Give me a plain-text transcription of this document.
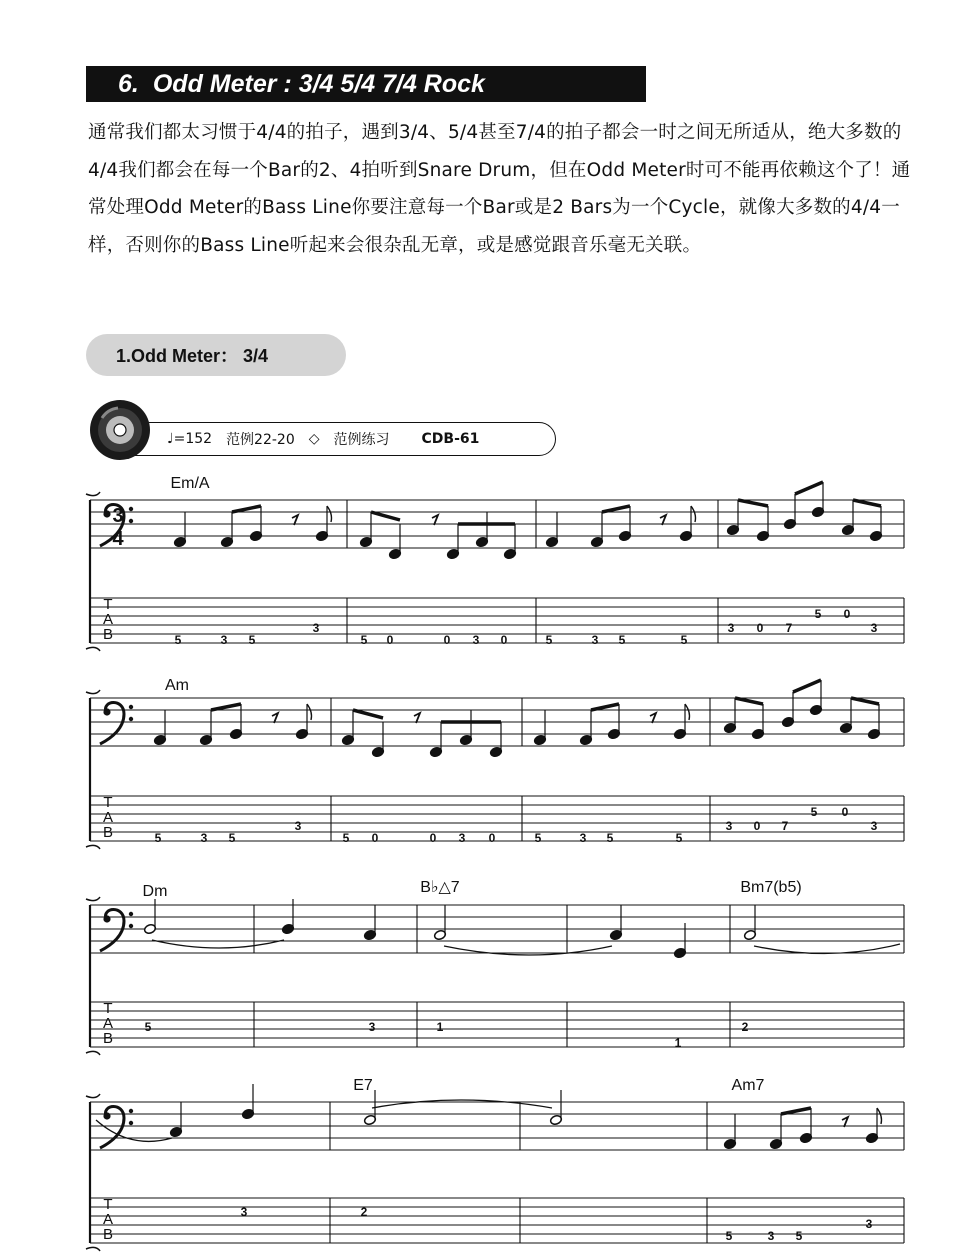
6. Odd Meter : 3/4 5/4 7/4 Rock
通常我们都太习惯于4/4的拍子，遇到3/4、5/4甚至7/4的拍子都会一时之间无所适从，绝大多数的4/4我们都会在每一个Bar的2、4拍听到Snare Drum，但在Odd Meter时可不能再依赖这个了！通常处理Odd Meter的Bass Line你要注意每一个Bar或是2 Bars为一个Cycle，就像大多数的4/4一样，否则你的Bass Line听起来会很杂乱无章，或是感觉跟音乐毫无关联。
1.Odd Meter： 3/4
♩=152 范例22-20 ◇ 范例练习 CDB-61
T
A
B
Em/A
5	3 5
3
5 0	0 3 0	5	3 5	5
3 0 7
5 0
3
T
A
B
Am
5	3 5
3
5 0	0 3 0	5	3 5	5
3 0 7
5 0
3
T
A
B
Dm	B♭△7	Bm7(b5)
5	3	1
1
2
T
A
B
E7	Am7
3	2
5	3 5
3
3
4
